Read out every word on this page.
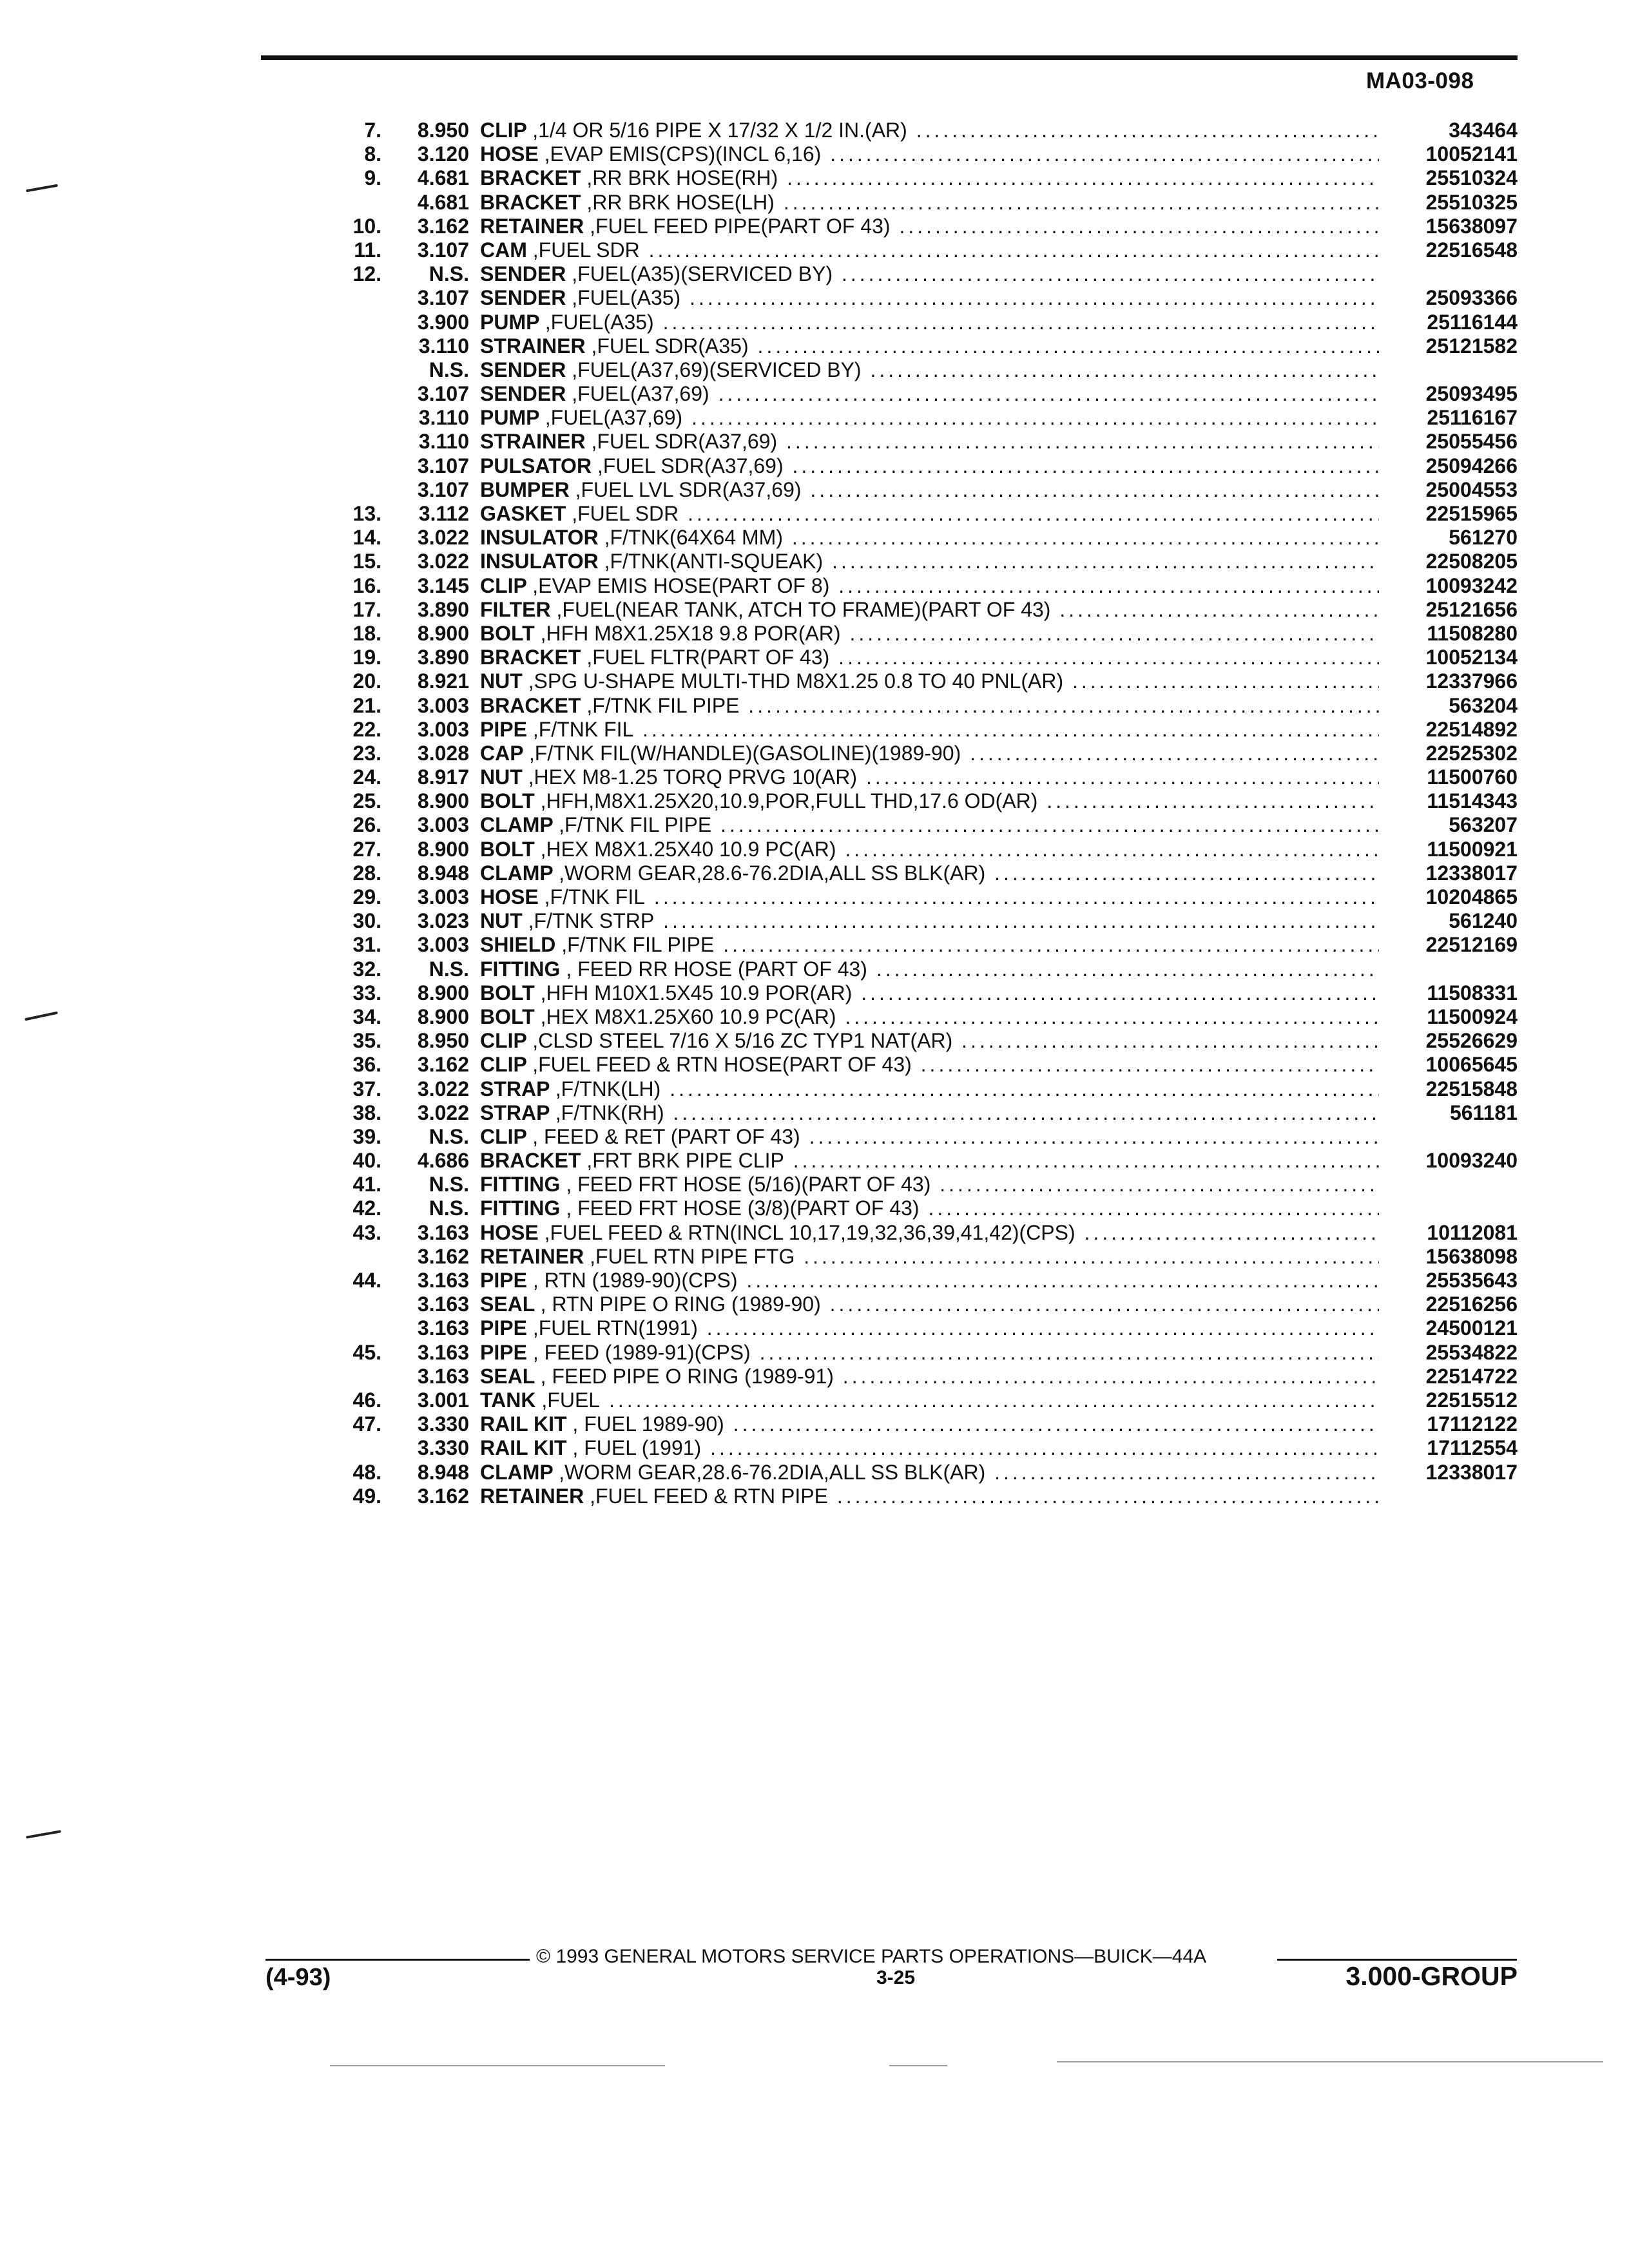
MA03-098
7.	8.950 CLIP ,1/4 OR 5/16 PIPE X 17/32 X 1/2 IN.(AR) .....	343464
8.	3.120 HOSE ,EVAP EMIS(CPS)(INCL 6,16) .....	10052141
9.	4.681 BRACKET ,RR BRK HOSE(RH) .....	25510324
4.681 BRACKET ,RR BRK HOSE(LH) .....	25510325
10.	3.162 RETAINER ,FUEL FEED PIPE(PART OF 43) .....	15638097
11.	3.107 CAM ,FUEL SDR .....	22516548
12.	N.S. SENDER ,FUEL(A35)(SERVICED BY) .....
3.107 SENDER ,FUEL(A35) .....	25093366
3.900 PUMP ,FUEL(A35) .....	25116144
3.110 STRAINER ,FUEL SDR(A35) .....	25121582
N.S. SENDER ,FUEL(A37,69)(SERVICED BY) .....
3.107 SENDER ,FUEL(A37,69) .....	25093495
3.110 PUMP ,FUEL(A37,69) .....	25116167
3.110 STRAINER ,FUEL SDR(A37,69) .....	25055456
3.107 PULSATOR ,FUEL SDR(A37,69) .....	25094266
3.107 BUMPER ,FUEL LVL SDR(A37,69) .....	25004553
13.	3.112 GASKET ,FUEL SDR .....	22515965
14.	3.022 INSULATOR ,F/TNK(64X64 MM) .....	561270
15.	3.022 INSULATOR ,F/TNK(ANTI-SQUEAK) .....	22508205
16.	3.145 CLIP ,EVAP EMIS HOSE(PART OF 8) .....	10093242
17.	3.890 FILTER ,FUEL(NEAR TANK, ATCH TO FRAME)(PART OF 43) .....	25121656
18.	8.900 BOLT ,HFH M8X1.25X18 9.8 POR(AR) .....	11508280
19.	3.890 BRACKET ,FUEL FLTR(PART OF 43) .....	10052134
20.	8.921 NUT ,SPG U-SHAPE MULTI-THD M8X1.25 0.8 TO 40 PNL(AR) .....	12337966
21.	3.003 BRACKET ,F/TNK FIL PIPE .....	563204
22.	3.003 PIPE ,F/TNK FIL .....	22514892
23.	3.028 CAP ,F/TNK FIL(W/HANDLE)(GASOLINE)(1989-90) .....	22525302
24.	8.917 NUT ,HEX M8-1.25 TORQ PRVG 10(AR) .....	11500760
25.	8.900 BOLT ,HFH,M8X1.25X20,10.9,POR,FULL THD,17.6 OD(AR) .....	11514343
26.	3.003 CLAMP ,F/TNK FIL PIPE .....	563207
27.	8.900 BOLT ,HEX M8X1.25X40 10.9 PC(AR) .....	11500921
28.	8.948 CLAMP ,WORM GEAR,28.6-76.2DIA,ALL SS BLK(AR) .....	12338017
29.	3.003 HOSE ,F/TNK FIL .....	10204865
30.	3.023 NUT ,F/TNK STRP .....	561240
31.	3.003 SHIELD ,F/TNK FIL PIPE .....	22512169
32.	N.S. FITTING , FEED RR HOSE (PART OF 43) .....
33.	8.900 BOLT ,HFH M10X1.5X45 10.9 POR(AR) .....	11508331
34.	8.900 BOLT ,HEX M8X1.25X60 10.9 PC(AR) .....	11500924
35.	8.950 CLIP ,CLSD STEEL 7/16 X 5/16 ZC TYP1 NAT(AR) .....	25526629
36.	3.162 CLIP ,FUEL FEED & RTN HOSE(PART OF 43) .....	10065645
37.	3.022 STRAP ,F/TNK(LH) .....	22515848
38.	3.022 STRAP ,F/TNK(RH) .....	561181
39.	N.S. CLIP , FEED & RET (PART OF 43) .....
40.	4.686 BRACKET ,FRT BRK PIPE CLIP .....	10093240
41.	N.S. FITTING , FEED FRT HOSE (5/16)(PART OF 43) .....
42.	N.S. FITTING , FEED FRT HOSE (3/8)(PART OF 43) .....
43.	3.163 HOSE ,FUEL FEED & RTN(INCL 10,17,19,32,36,39,41,42)(CPS) .....	10112081
3.162 RETAINER ,FUEL RTN PIPE FTG .....	15638098
44.	3.163 PIPE , RTN (1989-90)(CPS) .....	25535643
3.163 SEAL , RTN PIPE O RING (1989-90) .....	22516256
3.163 PIPE ,FUEL RTN(1991) .....	24500121
45.	3.163 PIPE , FEED (1989-91)(CPS) .....	25534822
3.163 SEAL , FEED PIPE O RING (1989-91) .....	22514722
46.	3.001 TANK ,FUEL .....	22515512
47.	3.330 RAIL KIT , FUEL 1989-90) .....	17112122
3.330 RAIL KIT , FUEL (1991) .....	17112554
48.	8.948 CLAMP ,WORM GEAR,28.6-76.2DIA,ALL SS BLK(AR) .....	12338017
49.	3.162 RETAINER ,FUEL FEED & RTN PIPE .....
© 1993 GENERAL MOTORS SERVICE PARTS OPERATIONS—BUICK—44A
(4-93)	3-25	3.000-GROUP
